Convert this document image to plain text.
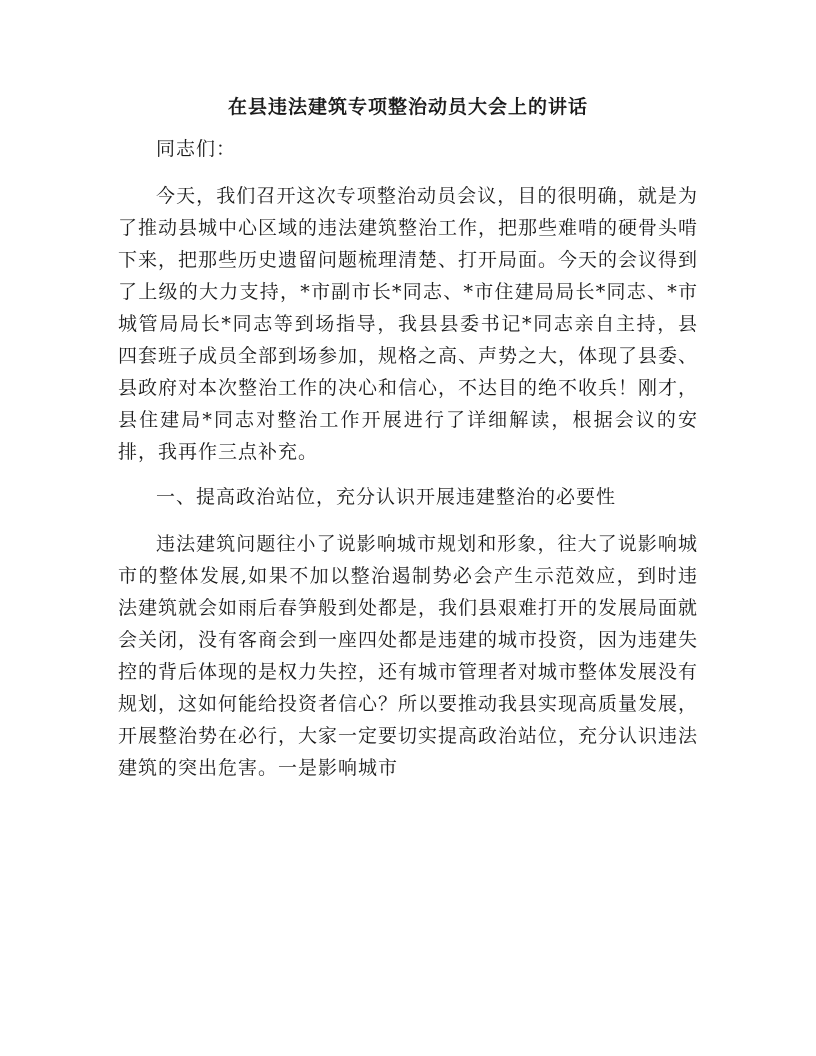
在县违法建筑专项整治动员大会上的讲话

同志们：

今天，我们召开这次专项整治动员会议，目的很明确，就是为了推动县城中心区域的违法建筑整治工作，把那些难啃的硬骨头啃下来，把那些历史遗留问题梳理清楚、打开局面。今天的会议得到了上级的大力支持，*市副市长*同志、*市住建局局长*同志、*市城管局局长*同志等到场指导，我县县委书记*同志亲自主持，县四套班子成员全部到场参加，规格之高、声势之大，体现了县委、县政府对本次整治工作的决心和信心，不达目的绝不收兵！刚才，县住建局*同志对整治工作开展进行了详细解读，根据会议的安排，我再作三点补充。

一、提高政治站位，充分认识开展违建整治的必要性

违法建筑问题往小了说影响城市规划和形象，往大了说影响城市的整体发展,如果不加以整治遏制势必会产生示范效应，到时违法建筑就会如雨后春笋般到处都是，我们县艰难打开的发展局面就会关闭，没有客商会到一座四处都是违建的城市投资，因为违建失控的背后体现的是权力失控，还有城市管理者对城市整体发展没有规划，这如何能给投资者信心？所以要推动我县实现高质量发展，开展整治势在必行，大家一定要切实提高政治站位，充分认识违法建筑的突出危害。一是影响城市
